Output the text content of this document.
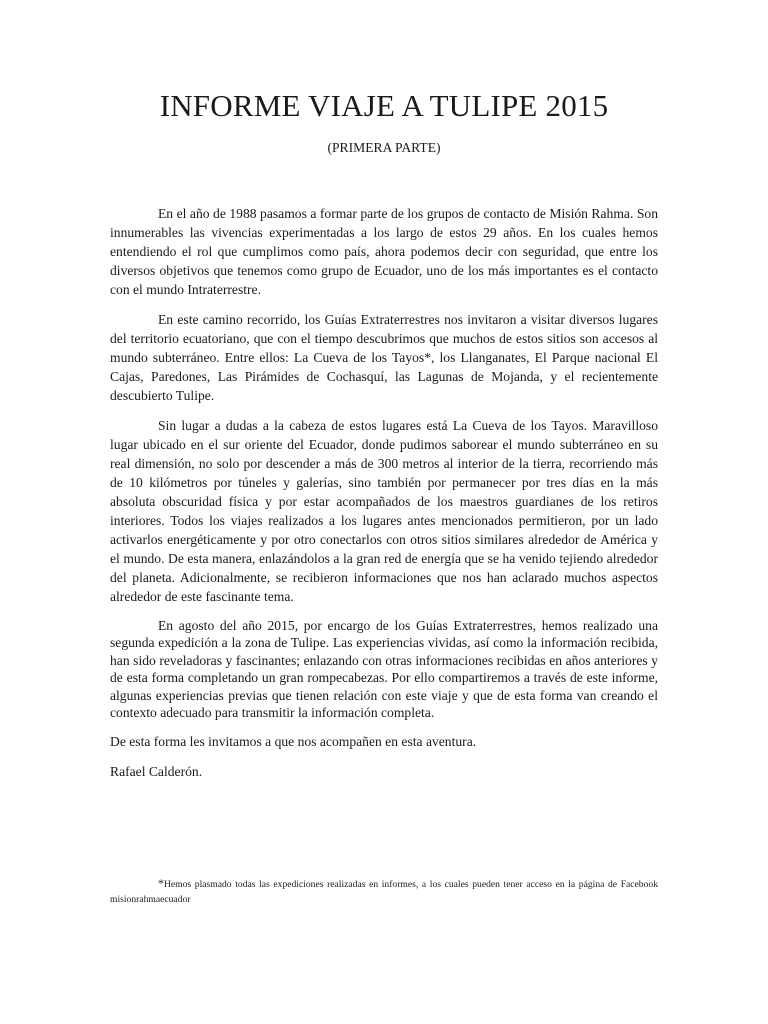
INFORME VIAJE A TULIPE 2015

(PRIMERA PARTE)

En el año de 1988 pasamos a formar parte de los grupos de contacto de Misión Rahma. Son innumerables las vivencias experimentadas a los largo de estos 29 años. En los cuales hemos entendiendo el rol que cumplimos como país, ahora podemos decir con seguridad, que entre los diversos objetivos que tenemos como grupo de Ecuador, uno de los más importantes es el contacto con el mundo Intraterrestre.

En este camino recorrido, los Guías Extraterrestres nos invitaron a visitar diversos lugares del territorio ecuatoriano, que con el tiempo descubrimos que muchos de estos sitios son accesos al mundo subterráneo. Entre ellos: La Cueva de los Tayos*, los Llanganates, El Parque nacional El Cajas, Paredones, Las Pirámides de Cochasquí, las Lagunas de Mojanda, y el recientemente descubierto Tulipe.

Sin lugar a dudas a la cabeza de estos lugares está La Cueva de los Tayos. Maravilloso lugar ubicado en el sur oriente del Ecuador, donde pudimos saborear el mundo subterráneo en su real dimensión, no solo por descender a más de 300 metros al interior de la tierra, recorriendo más de 10 kilómetros por túneles y galerías, sino también por permanecer por tres días en la más absoluta obscuridad física y por estar acompañados de los maestros guardianes de los retiros interiores. Todos los viajes realizados a los lugares antes mencionados permitieron, por un lado activarlos energéticamente y por otro conectarlos con otros sitios similares alrededor de América y el mundo. De esta manera, enlazándolos a la gran red de energía que se ha venido tejiendo alrededor del planeta. Adicionalmente, se recibieron informaciones que nos han aclarado muchos aspectos alrededor de este fascinante tema.

En agosto del año 2015, por encargo de los Guías Extraterrestres, hemos realizado una segunda expedición a la zona de Tulipe. Las experiencias vividas, así como la información recibida, han sido reveladoras y fascinantes; enlazando con otras informaciones recibidas en años anteriores y de esta forma completando un gran rompecabezas. Por ello compartiremos a través de este informe, algunas experiencias previas que tienen relación con este viaje y que de esta forma van creando el contexto adecuado para transmitir la información completa.

De esta forma les invitamos a que nos acompañen en esta aventura.

Rafael Calderón.

*Hemos plasmado todas las expediciones realizadas en informes, a los cuales pueden tener acceso en la página de Facebook misionrahmaecuador
